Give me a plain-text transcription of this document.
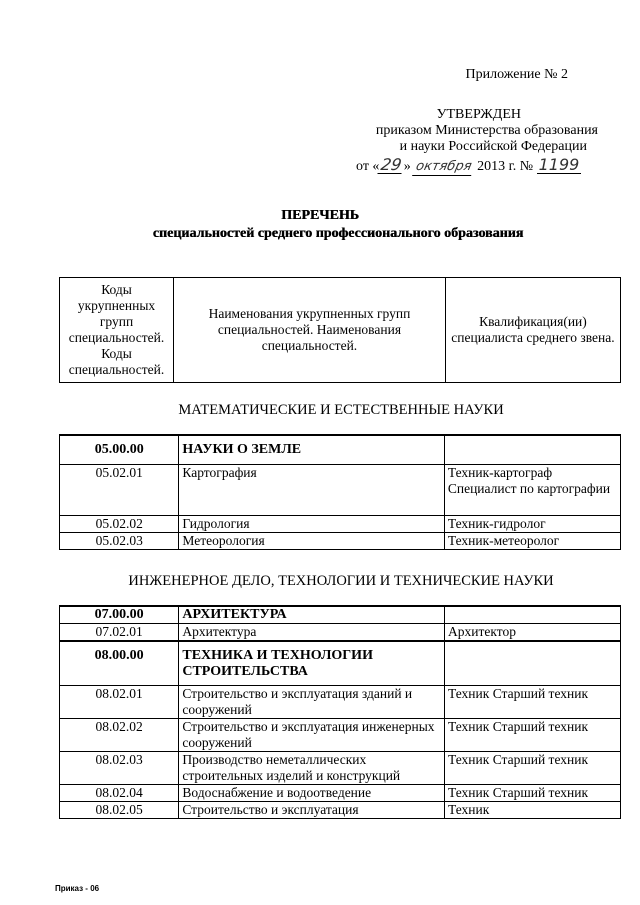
Приложение № 2
УТВЕРЖДЕН
приказом Министерства образования
и науки Российской Федерации
от «29» октября 2013 г. № 1199
ПЕРЕЧЕНЬ
специальностей среднего профессионального образования
Коды укрупненных групп специальностей. Коды специальностей.	Наименования укрупненных групп специальностей. Наименования специальностей.	Квалификация(ии) специалиста среднего звена.
МАТЕМАТИЧЕСКИЕ И ЕСТЕСТВЕННЫЕ НАУКИ
05.00.00	НАУКИ О ЗЕМЛЕ	
05.02.01	Картография	Техник-картограф Специалист по картографии
05.02.02	Гидрология	Техник-гидролог
05.02.03	Метеорология	Техник-метеоролог
ИНЖЕНЕРНОЕ ДЕЛО, ТЕХНОЛОГИИ И ТЕХНИЧЕСКИЕ НАУКИ
07.00.00	АРХИТЕКТУРА	
07.02.01	Архитектура	Архитектор
08.00.00	ТЕХНИКА И ТЕХНОЛОГИИ СТРОИТЕЛЬСТВА	
08.02.01	Строительство и эксплуатация зданий и сооружений	Техник Старший техник
08.02.02	Строительство и эксплуатация инженерных сооружений	Техник Старший техник
08.02.03	Производство неметаллических строительных изделий и конструкций	Техник Старший техник
08.02.04	Водоснабжение и водоотведение	Техник Старший техник
08.02.05	Строительство и эксплуатация	Техник
Приказ - 06
